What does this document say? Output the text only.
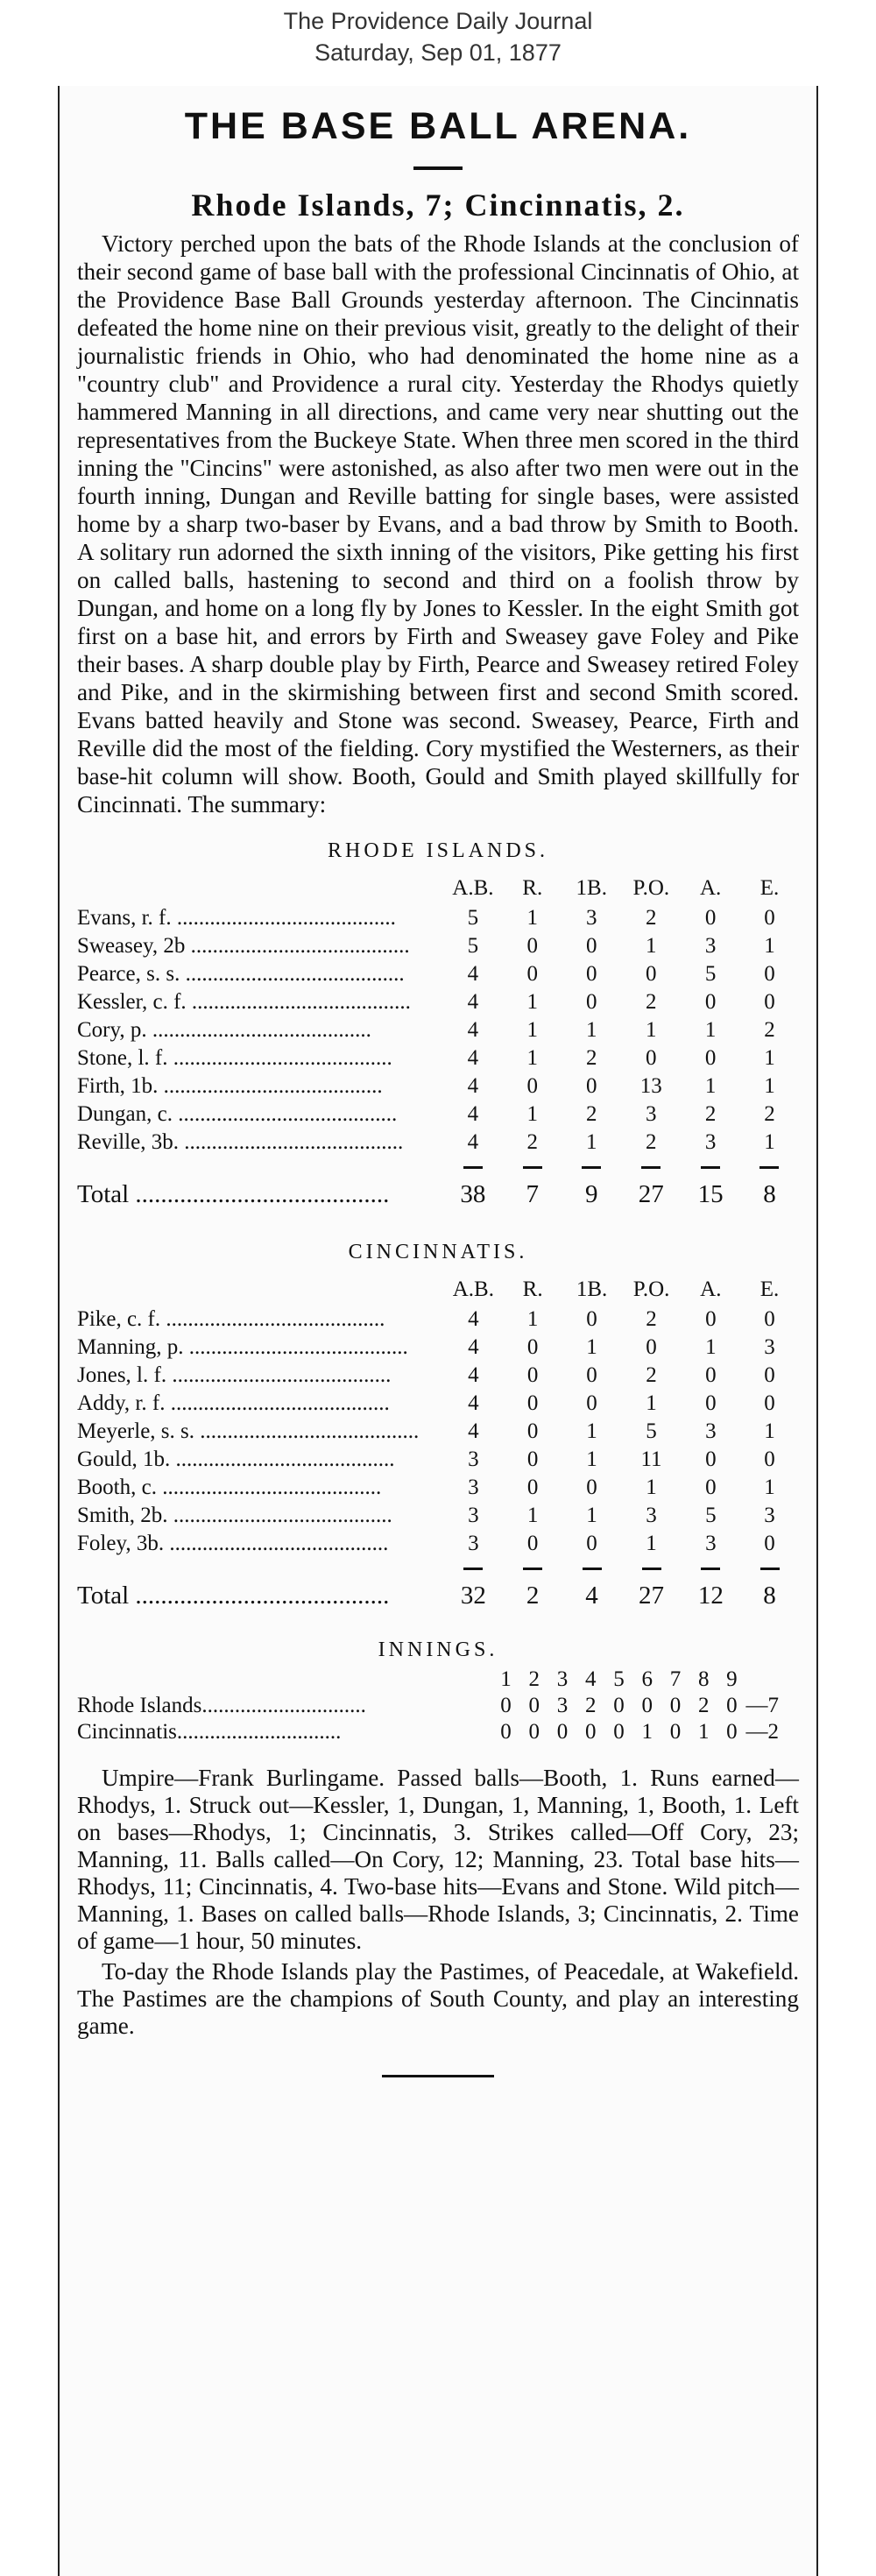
The Providence Daily Journal
Saturday, Sep 01, 1877
THE BASE BALL ARENA.
Rhode Islands, 7; Cincinnatis, 2.

Victory perched upon the bats of the Rhode Islands at the conclusion of their second game of base ball with the professional Cincinnatis of Ohio, at the Providence Base Ball Grounds yesterday afternoon. The Cincinnatis defeated the home nine on their previous visit, greatly to the delight of their journalistic friends in Ohio, who had denominated the home nine as a "country club" and Providence a rural city. Yesterday the Rhodys quietly hammered Manning in all directions, and came very near shutting out the representatives from the Buckeye State. When three men scored in the third inning the "Cincins" were astonished, as also after two men were out in the fourth inning, Dungan and Reville batting for single bases, were assisted home by a sharp two-baser by Evans, and a bad throw by Smith to Booth. A solitary run adorned the sixth inning of the visitors, Pike getting his first on called balls, hastening to second and third on a foolish throw by Dungan, and home on a long fly by Jones to Kessler. In the eight Smith got first on a base hit, and errors by Firth and Sweasey gave Foley and Pike their bases. A sharp double play by Firth, Pearce and Sweasey retired Foley and Pike, and in the skirmishing between first and second Smith scored. Evans batted heavily and Stone was second. Sweasey, Pearce, Firth and Reville did the most of the fielding. Cory mystified the Westerners, as their base-hit column will show. Booth, Gould and Smith played skillfully for Cincinnati. The summary:

RHODE ISLANDS.
	A.B.	R.	1B.	P.O.	A.	E.
Evans, r. f. ........................................	5	1	3	2	0	0
Sweasey, 2b ........................................	5	0	0	1	3	1
Pearce, s. s. ........................................	4	0	0	0	5	0
Kessler, c. f. ........................................	4	1	0	2	0	0
Cory, p. ........................................	4	1	1	1	1	2
Stone, l. f. ........................................	4	1	2	0	0	1
Firth, 1b. ........................................	4	0	0	13	1	1
Dungan, c. ........................................	4	1	2	3	2	2
Reville, 3b. ........................................	4	2	1	2	3	1

Total ........................................	38	7	9	27	15	8
CINCINNATIS.
	A.B.	R.	1B.	P.O.	A.	E.
Pike, c. f. ........................................	4	1	0	2	0	0
Manning, p. ........................................	4	0	1	0	1	3
Jones, l. f. ........................................	4	0	0	2	0	0
Addy, r. f. ........................................	4	0	0	1	0	0
Meyerle, s. s. ........................................	4	0	1	5	3	1
Gould, 1b. ........................................	3	0	1	11	0	0
Booth, c. ........................................	3	0	0	1	0	1
Smith, 2b. ........................................	3	1	1	3	5	3
Foley, 3b. ........................................	3	0	0	1	3	0

Total ........................................	32	2	4	27	12	8
INNINGS.
	1	2	3	4	5	6	7	8	9	
Rhode Islands..............................	0	0	3	2	0	0	0	2	0	—7
Cincinnatis..............................	0	0	0	0	0	1	0	1	0	—2

Umpire—Frank Burlingame. Passed balls—Booth, 1. Runs earned—Rhodys, 1. Struck out—Kessler, 1, Dungan, 1, Manning, 1, Booth, 1. Left on bases—Rhodys, 1; Cincinnatis, 3. Strikes called—Off Cory, 23; Manning, 11. Balls called—On Cory, 12; Manning, 23. Total base hits—Rhodys, 11; Cincinnatis, 4. Two-base hits—Evans and Stone. Wild pitch—Manning, 1. Bases on called balls—Rhode Islands, 3; Cincinnatis, 2. Time of game—1 hour, 50 minutes.

To-day the Rhode Islands play the Pastimes, of Peacedale, at Wakefield. The Pastimes are the champions of South County, and play an interesting game.
